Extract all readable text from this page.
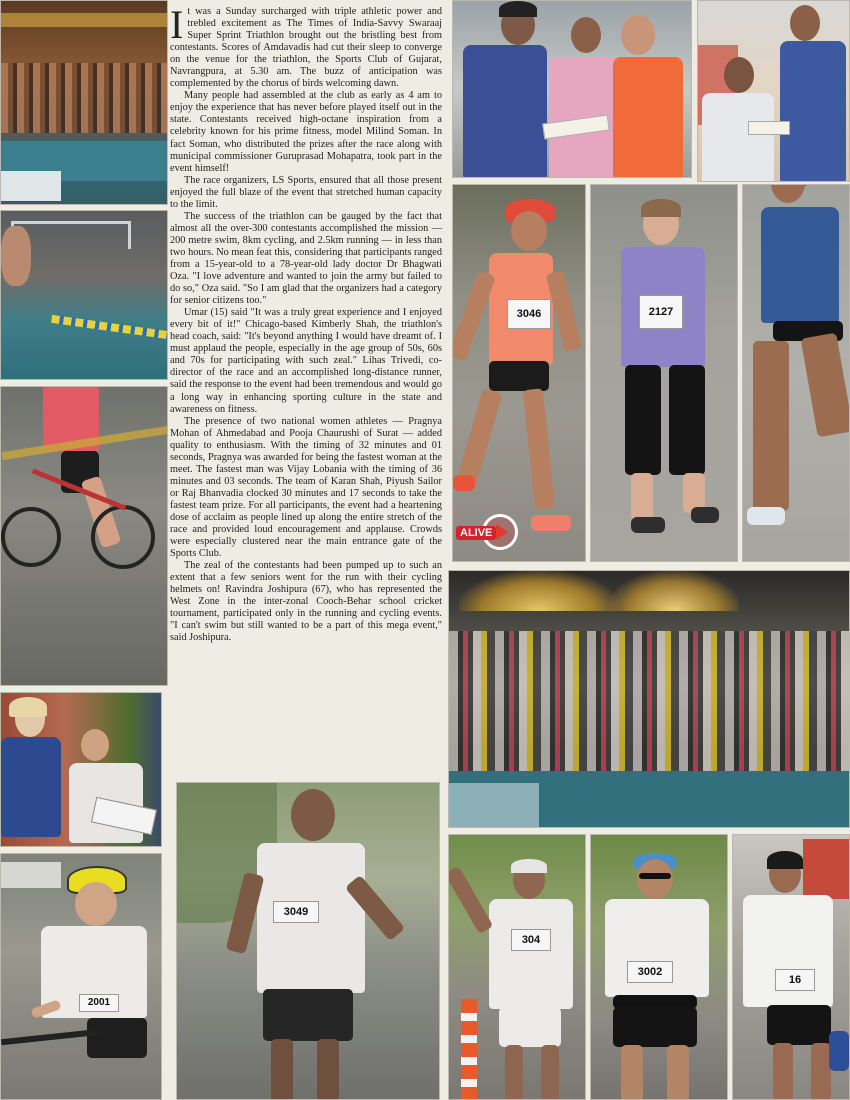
2001
I t was a Sunday surcharged with triple athletic power and trebled excitement as The Times of India-Savvy Swaraaj Super Sprint Triathlon brought out the bristling best from contestants. Scores of Amdavadis had cut their sleep to converge on the venue for the triathlon, the Sports Club of Gujarat, Navrangpura, at 5.30 am. The buzz of anticipation was complemented by the chorus of birds welcoming dawn.

Many people had assembled at the club as early as 4 am to enjoy the experience that has never before played itself out in the state. Contestants received high-octane inspiration from a celebrity known for his prime fitness, model Milind Soman. In fact Soman, who distributed the prizes after the race along with municipal commissioner Guruprasad Mohapatra, took part in the event himself!

The race organizers, LS Sports, ensured that all those present enjoyed the full blaze of the event that stretched human capacity to the limit.

The success of the triathlon can be gauged by the fact that almost all the over-300 contestants accomplished the mission — 200 metre swim, 8km cycling, and 2.5km running — in less than two hours. No mean feat this, considering that participants ranged from a 15-year-old to a 78-year-old lady doctor Dr Bhagwati Oza. "I love adventure and wanted to join the army but failed to do so," Oza said. "So I am glad that the organizers had a category for senior citizens too."

Umar (15) said "It was a truly great experience and I enjoyed every bit of it!" Chicago-based Kimberly Shah, the triathlon's head coach, said: "It's beyond anything I would have dreamt of. I must applaud the people, especially in the age group of 50s, 60s and 70s for participating with such zeal." Lihas Trivedi, co-director of the race and an accomplished long-distance runner, said the response to the event had been tremendous and would go a long way in enhancing sporting culture in the state and awareness on fitness.

The presence of two national women athletes — Pragnya Mohan of Ahmedabad and Pooja Chaurushi of Surat — added quality to enthusiasm. With the timing of 32 minutes and 01 seconds, Pragnya was awarded for being the fastest woman at the meet. The fastest man was Vijay Lobania with the timing of 36 minutes and 03 seconds. The team of Karan Shah, Piyush Sailor or Raj Bhanvadia clocked 30 minutes and 17 seconds to take the fastest team prize. For all participants, the event had a heartening dose of acclaim as people lined up along the entire stretch of the race and provided loud encouragement and applause. Crowds were especially clustered near the main entrance gate of the Sports Club.

The zeal of the contestants had been pumped up to such an extent that a few seniors went for the run with their cycling helmets on! Ravindra Joshipura (67), who has represented the West Zone in the inter-zonal Cooch-Behar school cricket tournament, participated only in the running and cycling events. "I can't swim but still wanted to be a part of this mega event," said Joshipura.

3049
3046	2127
ALIVE
304
3002
16
